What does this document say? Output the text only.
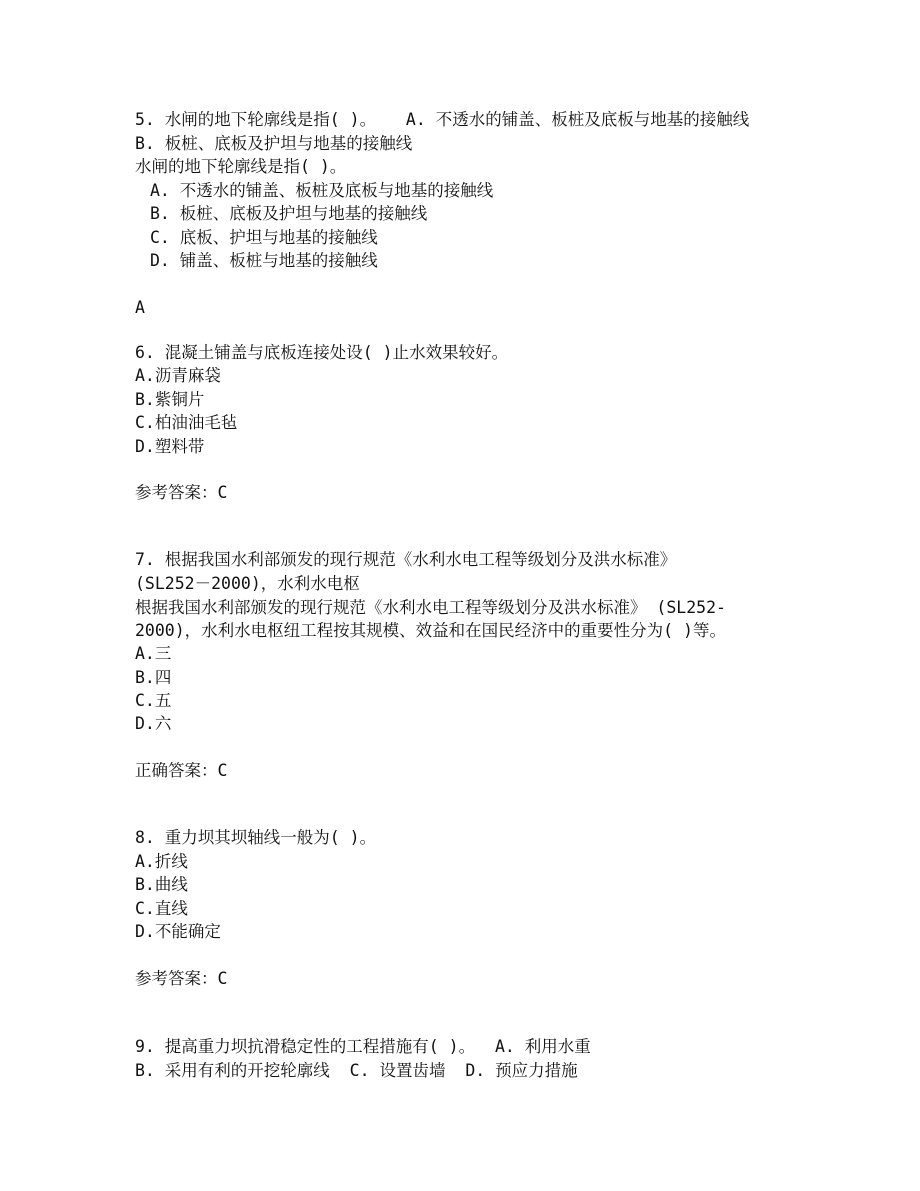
5. 水闸的地下轮廓线是指( )。   A. 不透水的铺盖、板桩及底板与地基的接触线
B. 板桩、底板及护坦与地基的接触线
水闸的地下轮廓线是指( )。
A. 不透水的铺盖、板桩及底板与地基的接触线
B. 板桩、底板及护坦与地基的接触线
C. 底板、护坦与地基的接触线
D. 铺盖、板桩与地基的接触线
A
6. 混凝土铺盖与底板连接处设( )止水效果较好。
A.沥青麻袋
B.紫铜片
C.柏油油毛毡
D.塑料带
参考答案：C
7. 根据我国水利部颁发的现行规范《水利水电工程等级划分及洪水标准》
(SL252－2000)，水利水电枢
根据我国水利部颁发的现行规范《水利水电工程等级划分及洪水标准》 (SL252-
2000)，水利水电枢纽工程按其规模、效益和在国民经济中的重要性分为( )等。
A.三
B.四
C.五
D.六
正确答案：C
8. 重力坝其坝轴线一般为( )。
A.折线
B.曲线
C.直线
D.不能确定
参考答案：C
9. 提高重力坝抗滑稳定性的工程措施有( )。  A. 利用水重
B. 采用有利的开挖轮廓线  C. 设置齿墙  D. 预应力措施
